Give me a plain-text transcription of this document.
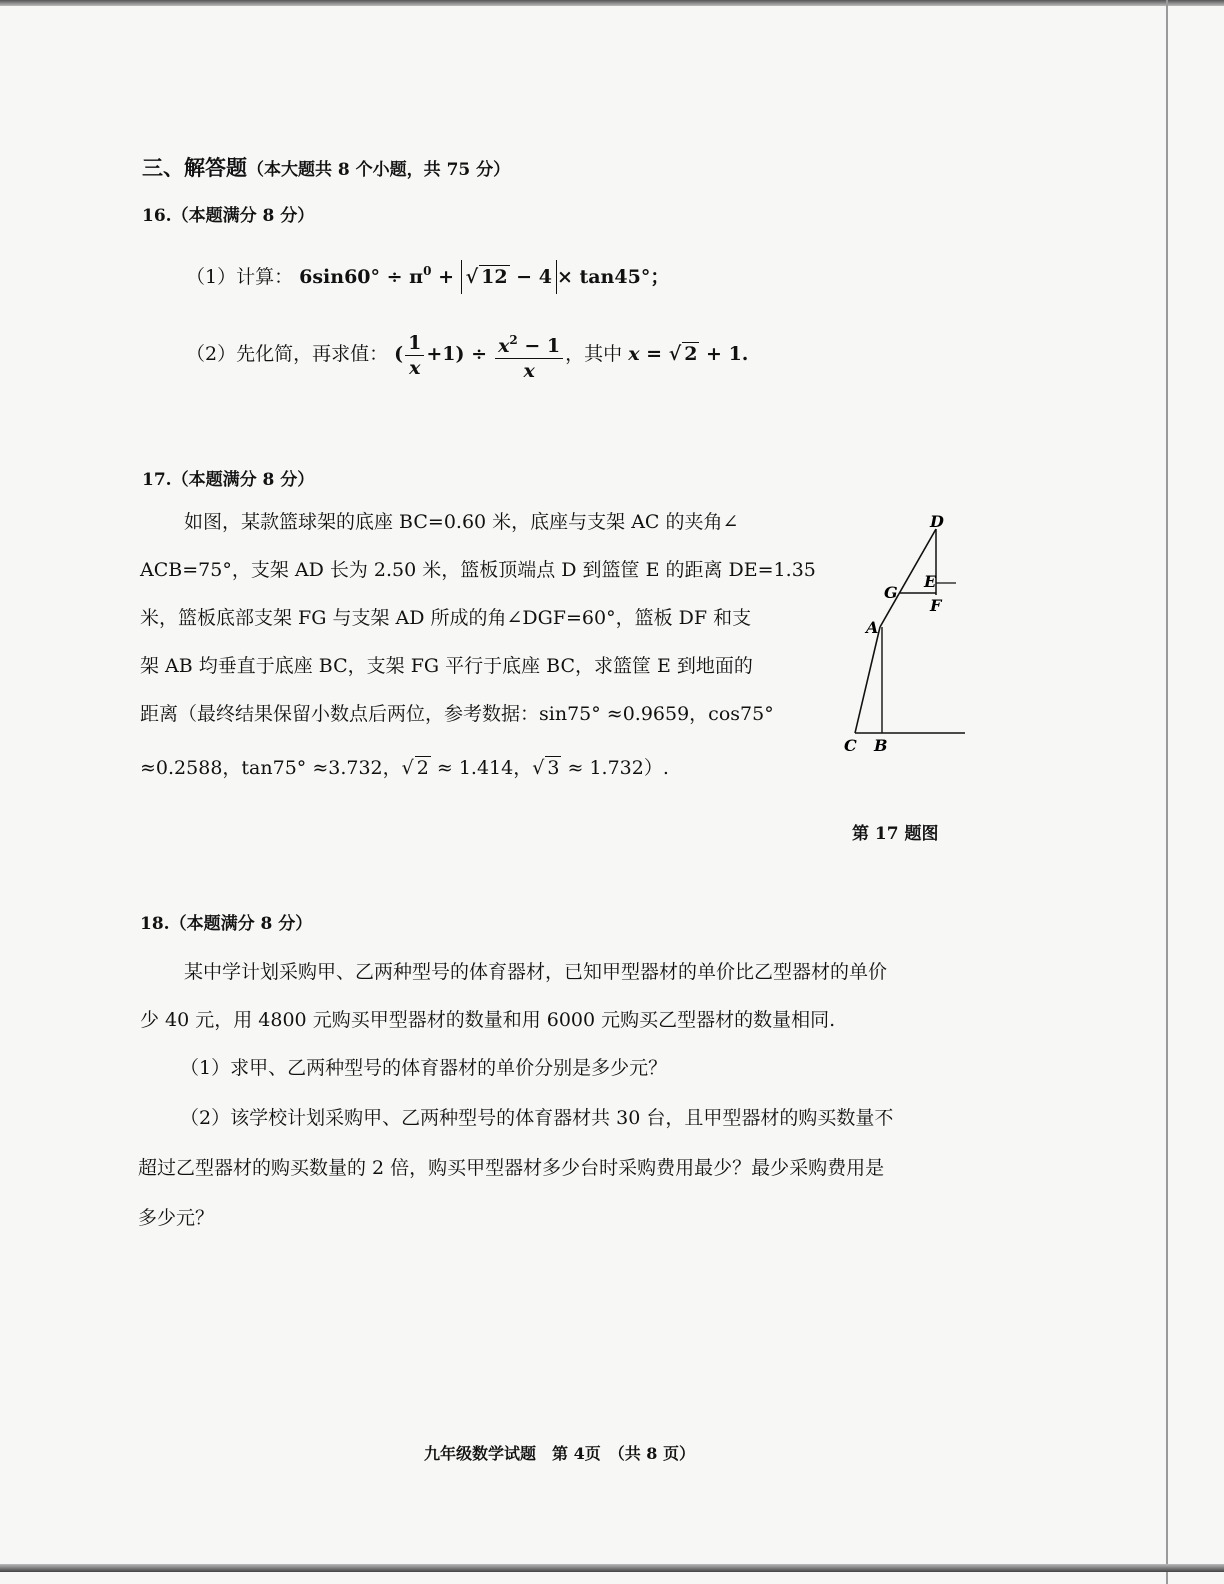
三、解答题（本大题共 8 个小题，共 75 分）
16.（本题满分 8 分）
（1）计算： $6\sin 60^\circ \div \pi^0$ + √ 12 − 4 × tan45°；
（2）先化简，再求值： ( $\frac{1}{x} +1) \div \frac{x^2 - 1}{x}$ ，其中 x = √ 2 + 1.
17.（本题满分 8 分）
如图，某款篮球架的底座 BC=0.60 米，底座与支架 AC 的夹角∠
ACB=75°，支架 AD 长为 2.50 米，篮板顶端点 D 到篮筐 E 的距离 DE=1.35
米，篮板底部支架 FG 与支架 AD 所成的角∠DGF=60°，篮板 DF 和支
架 AB 均垂直于底座 BC，支架 FG 平行于底座 BC，求篮筐 E 到地面的
距离（最终结果保留小数点后两位，参考数据：sin75° ≈0.9659，cos75°
≈0.2588，tan75° ≈3.732，√ 2 ≈ 1.414，√ 3 ≈ 1.732）.
D
E
G
F
A
C B
第 17 题图
18.（本题满分 8 分）
某中学计划采购甲、乙两种型号的体育器材，已知甲型器材的单价比乙型器材的单价
少 40 元，用 4800 元购买甲型器材的数量和用 6000 元购买乙型器材的数量相同.
（1）求甲、乙两种型号的体育器材的单价分别是多少元？
（2）该学校计划采购甲、乙两种型号的体育器材共 30 台，且甲型器材的购买数量不
超过乙型器材的购买数量的 2 倍，购买甲型器材多少台时采购费用最少？最少采购费用是
多少元？
九年级数学试题　第 4页　（共 8 页）
